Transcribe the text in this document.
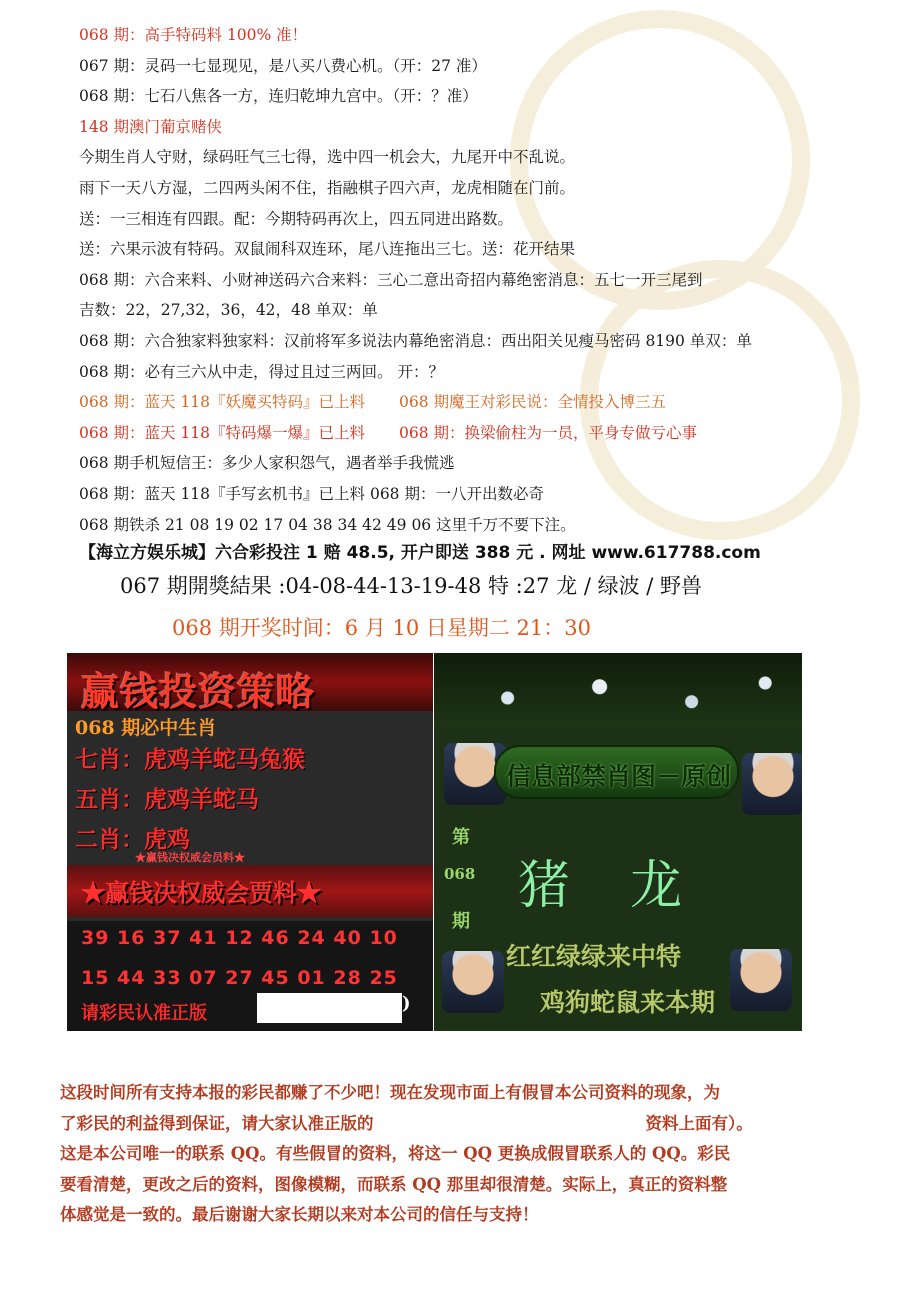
068 期：高手特码料 100% 准！
067 期：灵码一七显现见，是八买八费心机。（开：27 准）
068 期：七石八焦各一方，连归乾坤九宫中。（开：？准）
148 期澳门葡京赌侠
今期生肖人守财，绿码旺气三七得，选中四一机会大，九尾开中不乱说。
雨下一天八方湿，二四两头闲不住，指融棋子四六声，龙虎相随在门前。
送：一三相连有四跟。配：今期特码再次上，四五同进出路数。
送：六果示波有特码。双鼠闹科双连环，尾八连拖出三七。送：花开结果
068 期：六合来料、小财神送码六合来料：三心二意出奇招内幕绝密消息：五七一开三尾到
吉数：22，27,32，36，42，48 单双：单
068 期：六合独家料独家料：汉前将军多说法内幕绝密消息：西出阳关见瘦马密码 8190 单双：单
068 期：必有三六从中走，得过且过三两回。 开：？
068 期：蓝天 118『妖魔买特码』已上料 068 期魔王对彩民说：全情投入博三五
068 期：蓝天 118『特码爆一爆』已上料 068 期：换梁偷柱为一员，平身专做亏心事
068 期手机短信王：多少人家积怨气，遇者举手我慌逃
068 期：蓝天 118『手写玄机书』已上料 068 期：一八开出数必奇
068 期铁杀 21 08 19 02 17 04 38 34 42 49 06 这里千万不要下注。
【海立方娱乐城】六合彩投注 1 赔 48.5, 开户即送 388 元 . 网址 www.617788.com
067 期開獎結果 :04-08-44-13-19-48 特 :27 龙 / 绿波 / 野兽
068 期开奖时间：6 月 10 日星期二 21：30
赢钱投资策略
068 期必中生肖
七肖：虎鸡羊蛇马兔猴
五肖：虎鸡羊蛇马
二肖：虎鸡
★赢钱决权威会员料★
★赢钱决权威会贾料★
39 16 37 41 12 46 24 40 10
15 44 33 07 27 45 01 28 25
请彩民认准正版	)
信息部禁肖图－原创
第
068
期
猪龙
红红绿绿来中特
鸡狗蛇鼠来本期
这段时间所有支持本报的彩民都赚了不少吧！现在发现市面上有假冒本公司资料的现象，为
了彩民的利益得到保证，请大家认准正版的	资料上面有）。
这是本公司唯一的联系 QQ。有些假冒的资料，将这一 QQ 更换成假冒联系人的 QQ。彩民
要看清楚，更改之后的资料，图像模糊，而联系 QQ 那里却很清楚。实际上，真正的资料整
体感觉是一致的。最后谢谢大家长期以来对本公司的信任与支持！
